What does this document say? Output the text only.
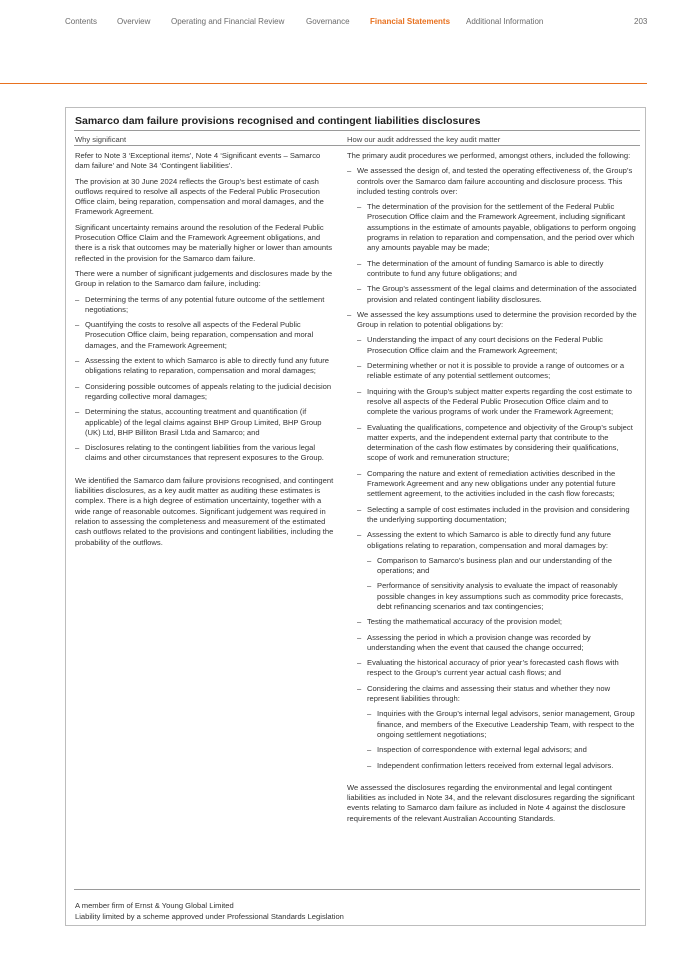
Contents Overview	Operating and Financial Review	Governance	Financial Statements Additional Information	203
Samarco dam failure provisions recognised and contingent liabilities disclosures
Why significant	How our audit addressed the key audit matter

Refer to Note 3 ‘Exceptional items’, Note 4 ‘Significant events – Samarco dam failure’ and Note 34 ‘Contingent liabilities’.

The provision at 30 June 2024 reflects the Group’s best estimate of cash outflows required to resolve all aspects of the Federal Public Prosecution Office claim, being reparation, compensation and moral damages, and the Framework Agreement.

Significant uncertainty remains around the resolution of the Federal Public Prosecution Office Claim and the Framework Agreement obligations, and there is a risk that outcomes may be materially higher or lower than amounts reflected in the provision for the Samarco dam failure.

There were a number of significant judgements and disclosures made by the Group in relation to the Samarco dam failure, including:

– Determining the terms of any potential future outcome of the settlement negotiations;
– Quantifying the costs to resolve all aspects of the Federal Public Prosecution Office claim, being reparation, compensation and moral damages, and the Framework Agreement;
– Assessing the extent to which Samarco is able to directly fund any future obligations relating to reparation, compensation and moral damages;
– Considering possible outcomes of appeals relating to the judicial decision regarding collective moral damages;
– Determining the status, accounting treatment and quantification (if applicable) of the legal claims against BHP Group Limited, BHP Group (UK) Ltd, BHP Billiton Brasil Ltda and Samarco; and
– Disclosures relating to the contingent liabilities from the various legal claims and other circumstances that represent exposures to the Group.

We identified the Samarco dam failure provisions recognised, and contingent liabilities disclosures, as a key audit matter as auditing these estimates is complex. There is a high degree of estimation uncertainty, together with a wide range of reasonable outcomes. Significant judgement was required in relation to assessing the completeness and measurement of the estimated cash outflows related to the provisions and contingent liabilities, including the probability of the outflows.

The primary audit procedures we performed, amongst others, included the following:

– We assessed the design of, and tested the operating effectiveness of, the Group’s controls over the Samarco dam failure accounting and disclosure process. This included testing controls over:
– The determination of the provision for the settlement of the Federal Public Prosecution Office claim and the Framework Agreement, including significant assumptions in the estimate of amounts payable, obligations to perform ongoing programs in relation to reparation and compensation, and the period over which any amounts payable may be made;
– The determination of the amount of funding Samarco is able to directly contribute to fund any future obligations; and
– The Group’s assessment of the legal claims and determination of the associated provision and related contingent liability disclosures.
– We assessed the key assumptions used to determine the provision recorded by the Group in relation to potential obligations by:
– Understanding the impact of any court decisions on the Federal Public Prosecution Office claim and the Framework Agreement;
– Determining whether or not it is possible to provide a range of outcomes or a reliable estimate of any potential settlement outcomes;
– Inquiring with the Group’s subject matter experts regarding the cost estimate to resolve all aspects of the Federal Public Prosecution Office claim and to complete the various programs of work under the Framework Agreement;
– Evaluating the qualifications, competence and objectivity of the Group’s subject matter experts, and the independent external party that contribute to the determination of the cash flow estimates by considering their qualifications, scope of work and remuneration structure;
– Comparing the nature and extent of remediation activities described in the Framework Agreement and any new obligations under any potential future settlement agreement, to the activities included in the cash flow forecasts;
– Selecting a sample of cost estimates included in the provision and considering the underlying supporting documentation;
– Assessing the extent to which Samarco is able to directly fund any future obligations relating to reparation, compensation and moral damages by:
– Comparison to Samarco’s business plan and our understanding of the operations; and
– Performance of sensitivity analysis to evaluate the impact of reasonably possible changes in key assumptions such as commodity price forecasts, debt refinancing scenarios and tax contingencies;
– Testing the mathematical accuracy of the provision model;
– Assessing the period in which a provision change was recorded by understanding when the event that caused the change occurred;
– Evaluating the historical accuracy of prior year’s forecasted cash flows with respect to the Group’s current year actual cash flows; and
– Considering the claims and assessing their status and whether they now represent liabilities through:
– Inquiries with the Group’s internal legal advisors, senior management, Group finance, and members of the Executive Leadership Team, with respect to the ongoing settlement negotiations;
– Inspection of correspondence with external legal advisors; and
– Independent confirmation letters received from external legal advisors.

We assessed the disclosures regarding the environmental and legal contingent liabilities as included in Note 34, and the relevant disclosures regarding the significant events relating to Samarco dam failure as included in Note 4 against the disclosure requirements of the relevant Australian Accounting Standards.

A member firm of Ernst & Young Global Limited
Liability limited by a scheme approved under Professional Standards Legislation
